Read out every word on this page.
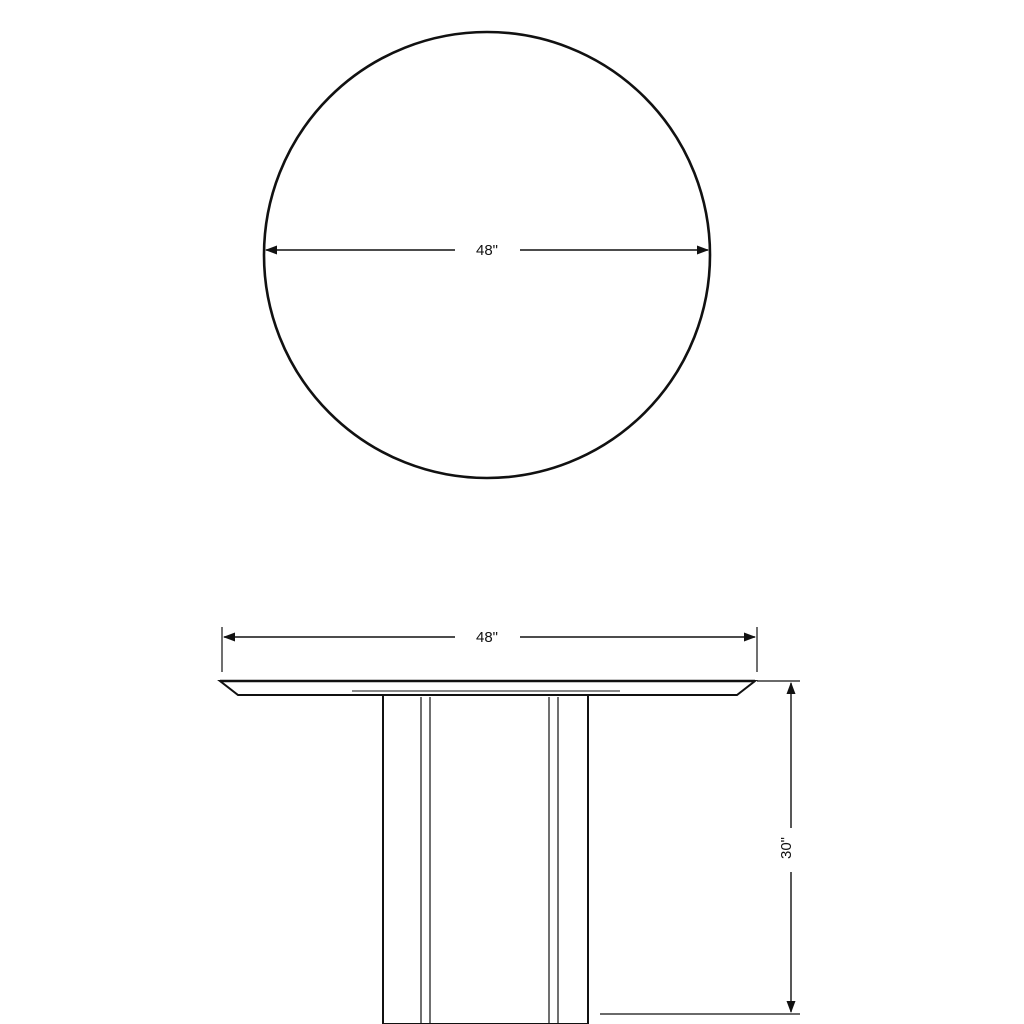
48"
48"
30"
